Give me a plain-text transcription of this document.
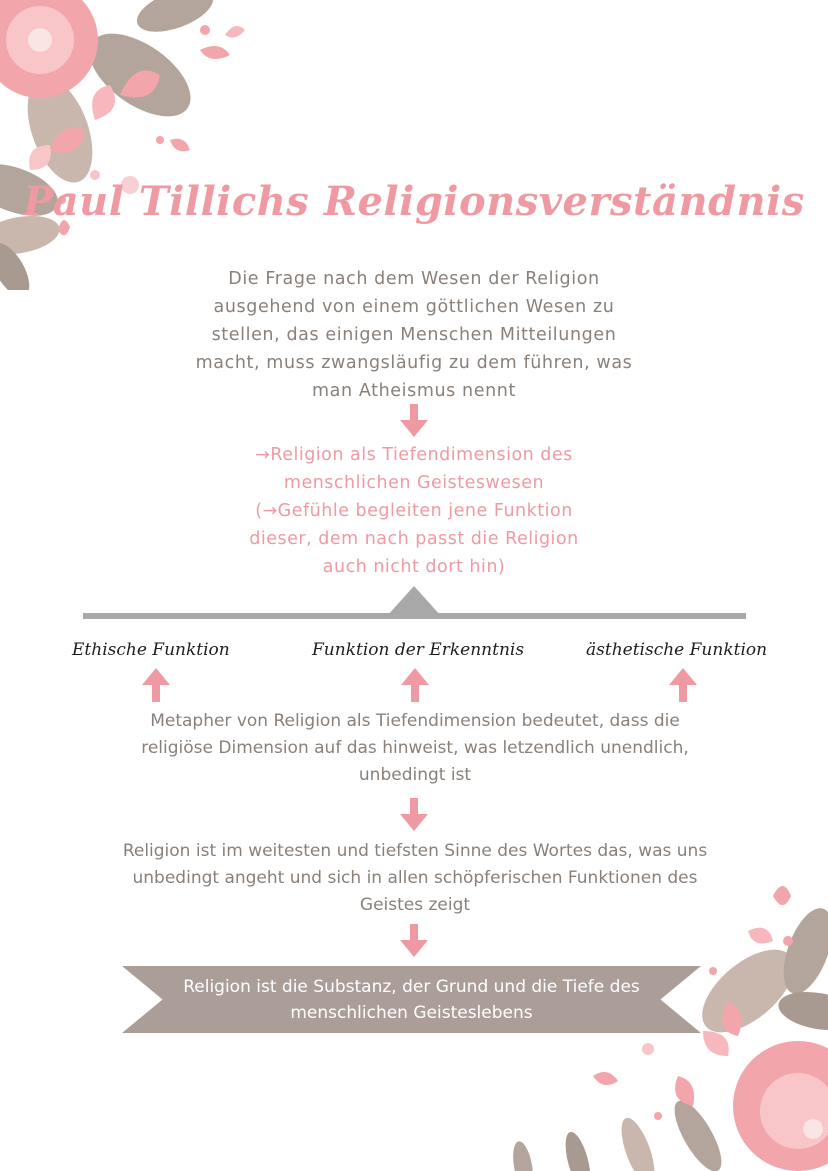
Paul Tillichs Religionsverständnis
Die Frage nach dem Wesen der Religion
ausgehend von einem göttlichen Wesen zu
stellen, das einigen Menschen Mitteilungen
macht, muss zwangsläufig zu dem führen, was
man Atheismus nennt
→Religion als Tiefendimension des
menschlichen Geisteswesen
(→Gefühle begleiten jene Funktion
dieser, dem nach passt die Religion
auch nicht dort hin)
Ethische Funktion	Funktion der Erkenntnis	ästhetische Funktion
Metapher von Religion als Tiefendimension bedeutet, dass die
religiöse Dimension auf das hinweist, was letzendlich unendlich,
unbedingt ist
Religion ist im weitesten und tiefsten Sinne des Wortes das, was uns
unbedingt angeht und sich in allen schöpferischen Funktionen des
Geistes zeigt
Religion ist die Substanz, der Grund und die Tiefe des
menschlichen Geisteslebens
